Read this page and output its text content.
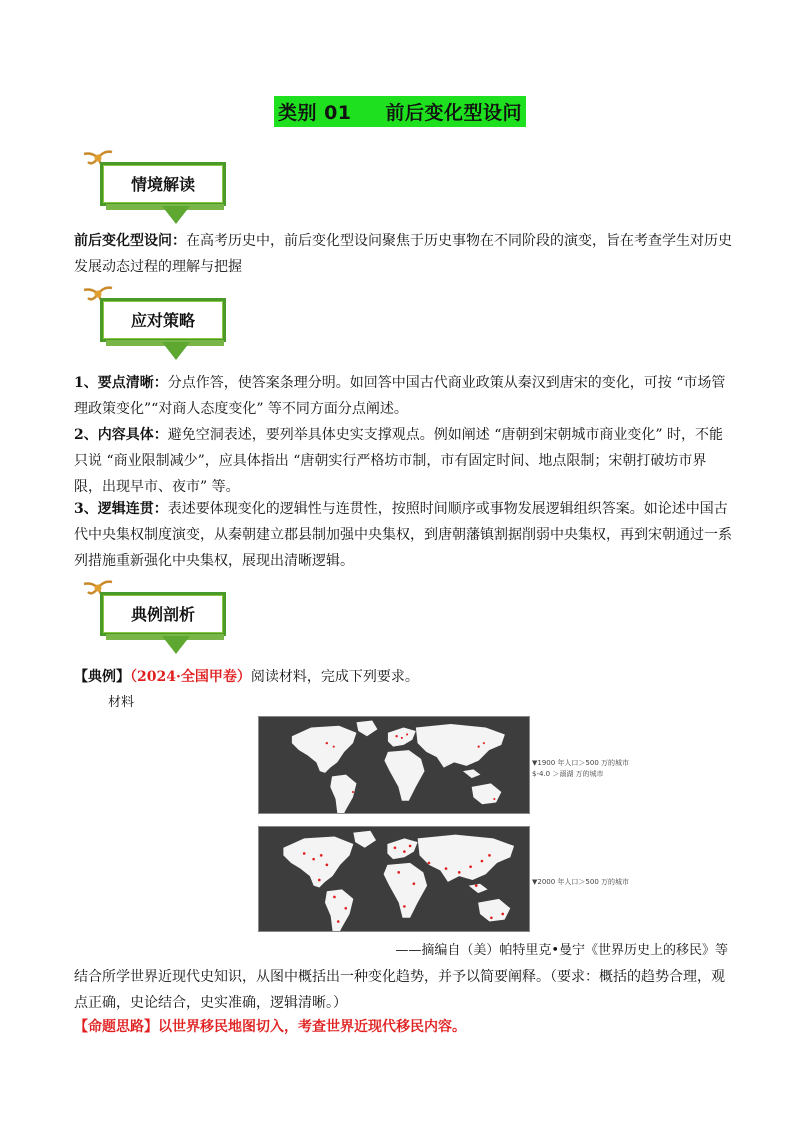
类别 01 前后变化型设问
情境解读
前后变化型设问：在高考历史中，前后变化型设问聚焦于历史事物在不同阶段的演变，旨在考查学生对历史发展动态过程的理解与把握
应对策略
1、要点清晰：分点作答，使答案条理分明。如回答中国古代商业政策从秦汉到唐宋的变化，可按 “市场管理政策变化”“对商人态度变化” 等不同方面分点阐述。
2、内容具体：避免空洞表述，要列举具体史实支撑观点。例如阐述 “唐朝到宋朝城市商业变化” 时，不能只说 “商业限制减少”，应具体指出 “唐朝实行严格坊市制，市有固定时间、地点限制；宋朝打破坊市界限，出现早市、夜市” 等。
3、逻辑连贯：表述要体现变化的逻辑性与连贯性，按照时间顺序或事物发展逻辑组织答案。如论述中国古代中央集权制度演变，从秦朝建立郡县制加强中央集权，到唐朝藩镇割据削弱中央集权，再到宋朝通过一系列措施重新强化中央集权，展现出清晰逻辑。
典例剖析
【典例】（2024·全国甲卷）阅读材料，完成下列要求。
材料
▼1900 年人口＞500 万的城市
$-4.0 ＞溺湖 万的城市
▼2000 年人口＞500 万的城市
——摘编自（美）帕特里克•曼宁《世界历史上的移民》等
结合所学世界近现代史知识，从图中概括出一种变化趋势，并予以简要阐释。（要求：概括的趋势合理，观点正确，史论结合，史实准确，逻辑清晰。）
【命题思路】以世界移民地图切入，考查世界近现代移民内容。
